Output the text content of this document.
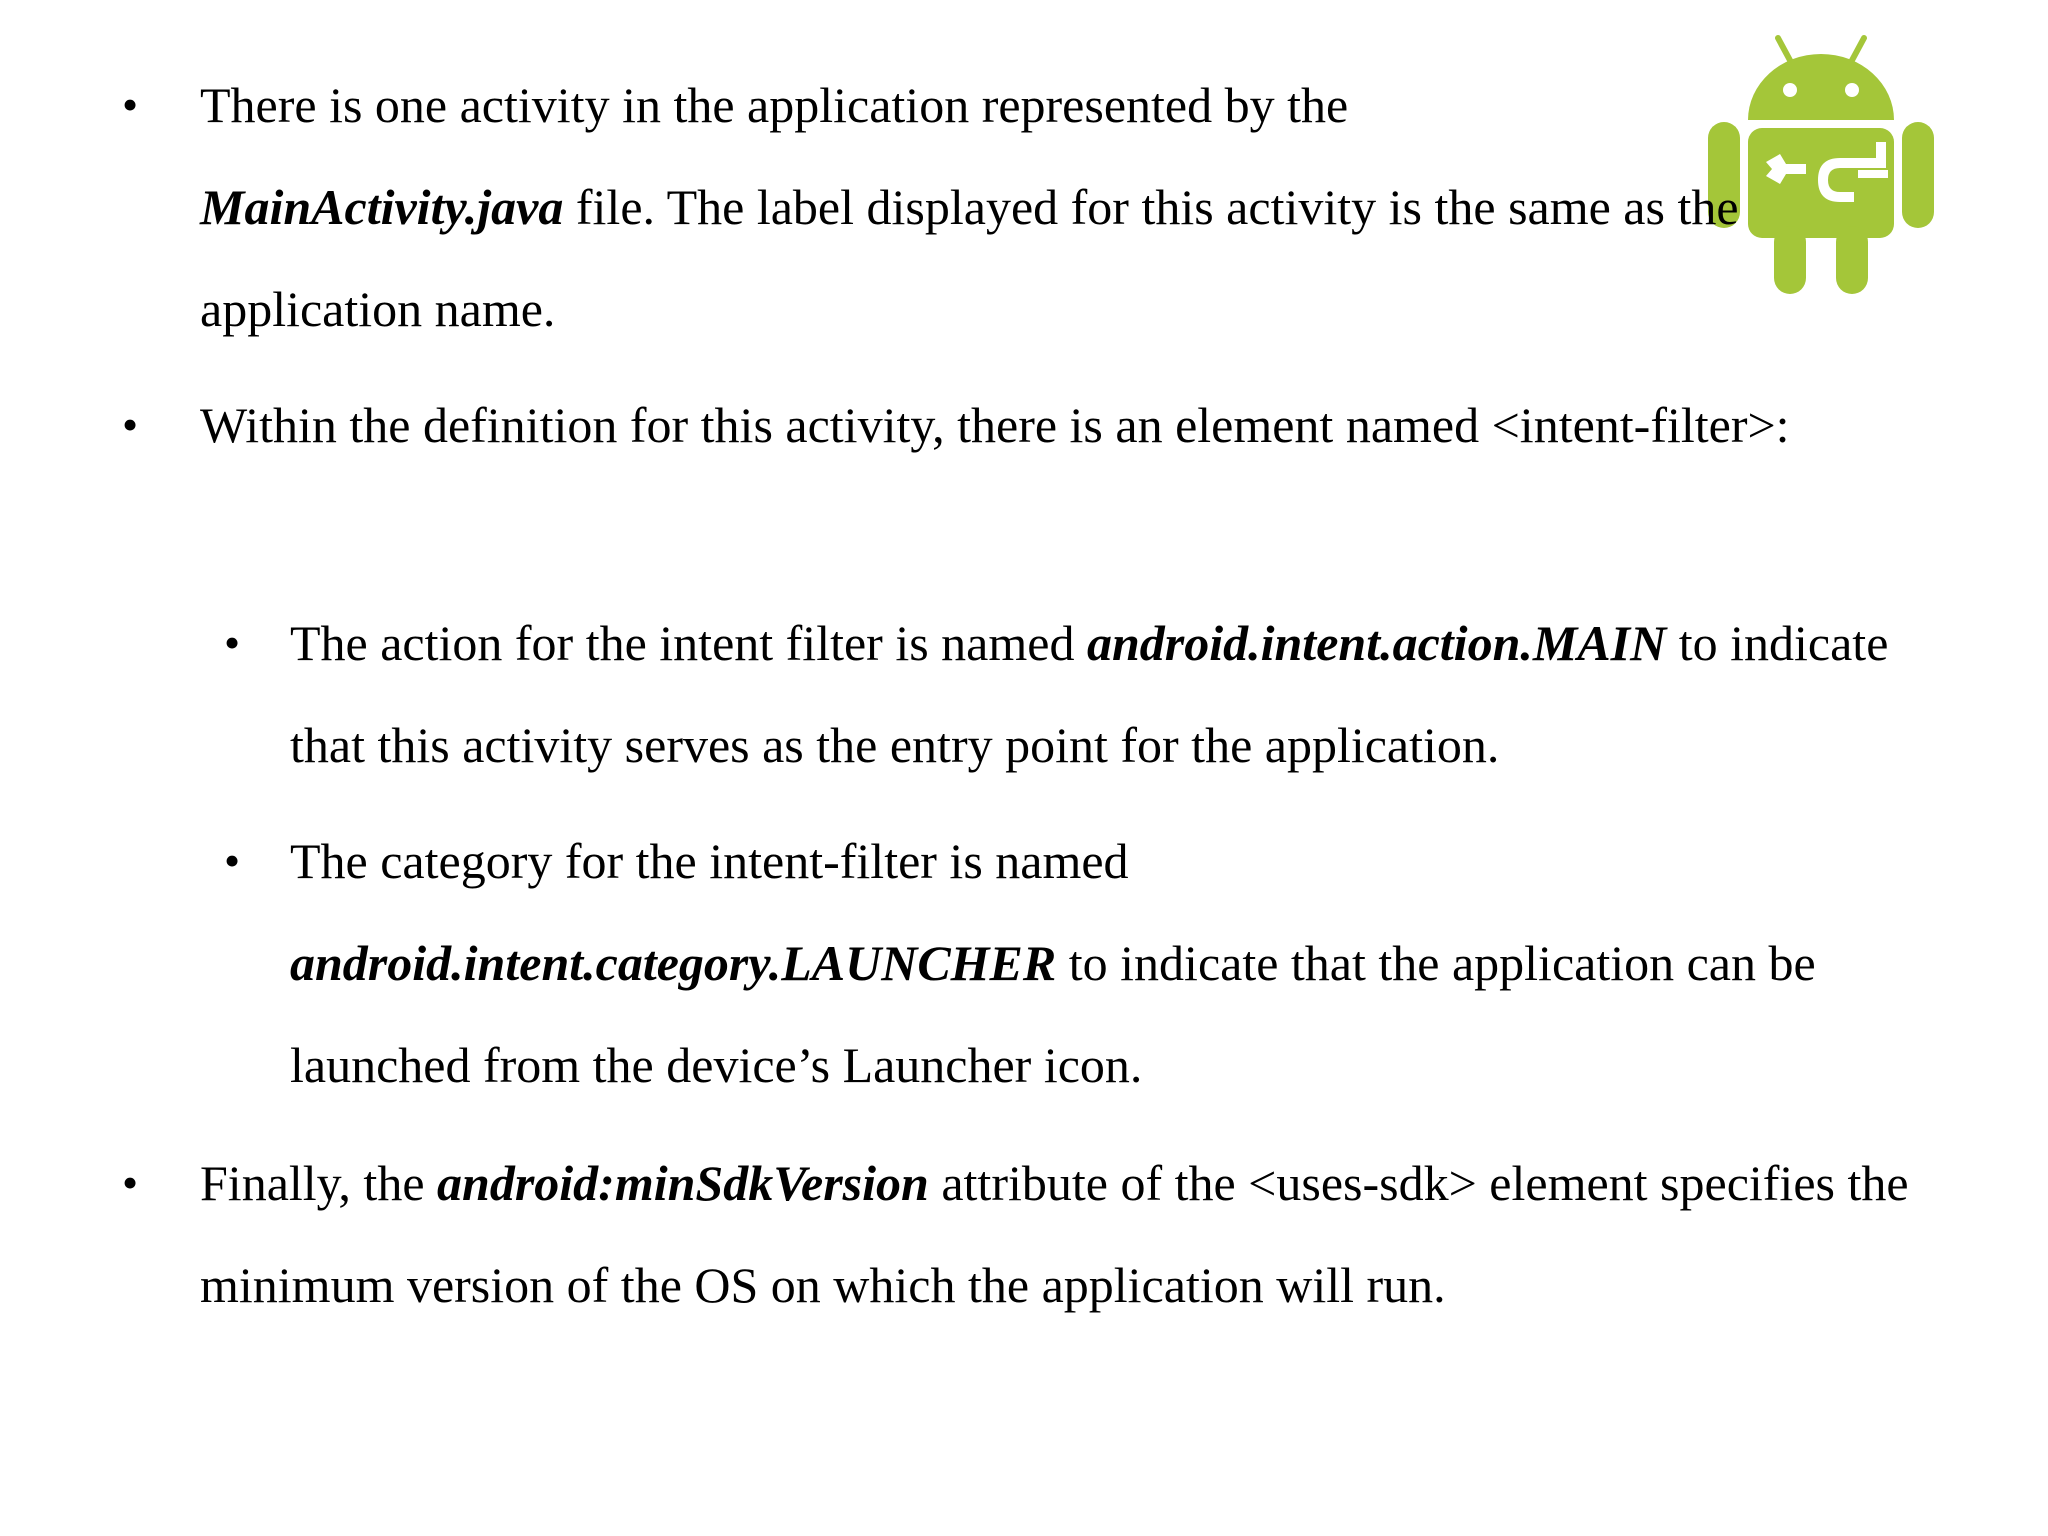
• There is one activity in the application represented by the
MainActivity.java file. The label displayed for this activity is the same as the application name.
• Within the definition for this activity, there is an element named <intent-filter>:
• The action for the intent filter is named android.intent.action.MAIN to indicate that this activity serves as the entry point for the application.
• The category for the intent-filter is named
android.intent.category.LAUNCHER to indicate that the application can be launched from the device’s Launcher icon.
• Finally, the android:minSdkVersion attribute of the <uses-sdk> element specifies the minimum version of the OS on which the application will run.
